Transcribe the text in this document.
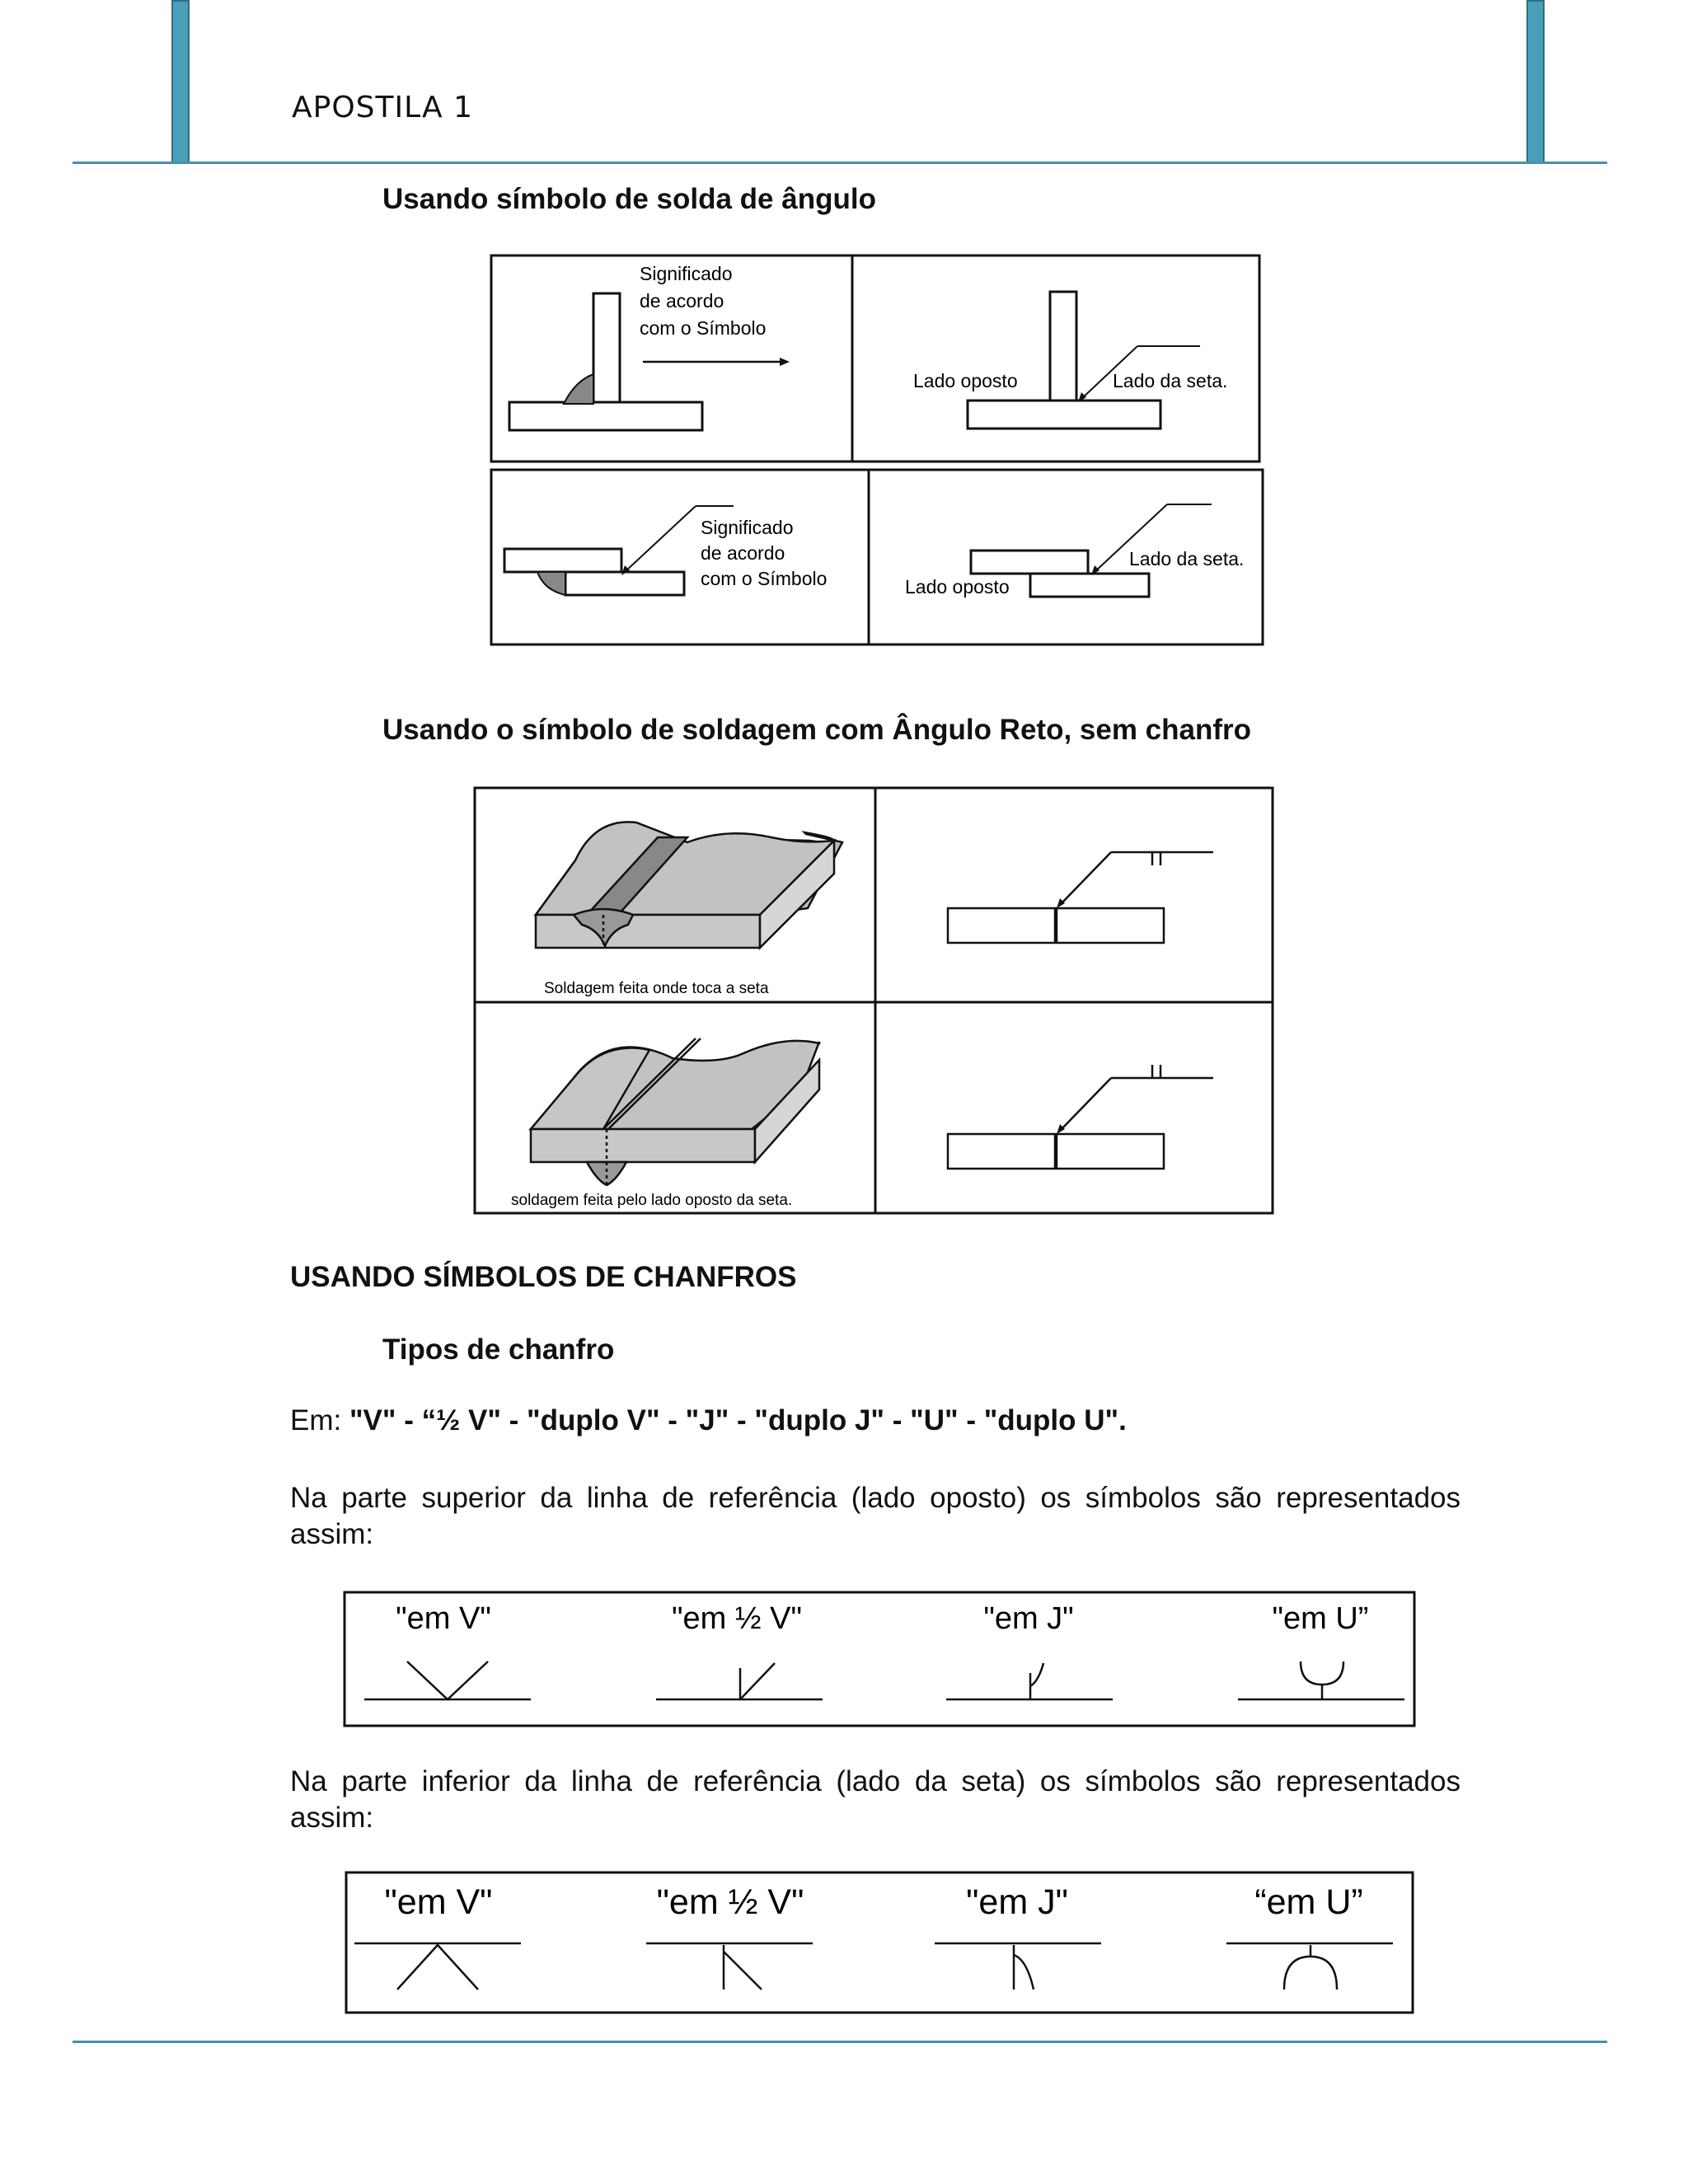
APOSTILA 1
Usando símbolo de solda de ângulo
Significado
de acordo
com o Símbolo
Lado oposto	Lado da seta.
Significado
de acordo
com o Símbolo
Lado da seta.
Lado oposto
Usando o símbolo de soldagem com Ângulo Reto, sem chanfro
Soldagem feita onde toca a seta
soldagem feita pelo lado oposto da seta.
USANDO SÍMBOLOS DE CHANFROS
Tipos de chanfro
Em: "V" - “½ V" - "duplo V" - "J" - "duplo J" - "U" - "duplo U".
Na parte superior da linha de referência (lado oposto) os símbolos são representados assim:
"em V"	"em ½ V"	"em J"	"em U”
Na parte inferior da linha de referência (lado da seta) os símbolos são representados assim:
"em V"	"em ½ V"	"em J"	“em U”
